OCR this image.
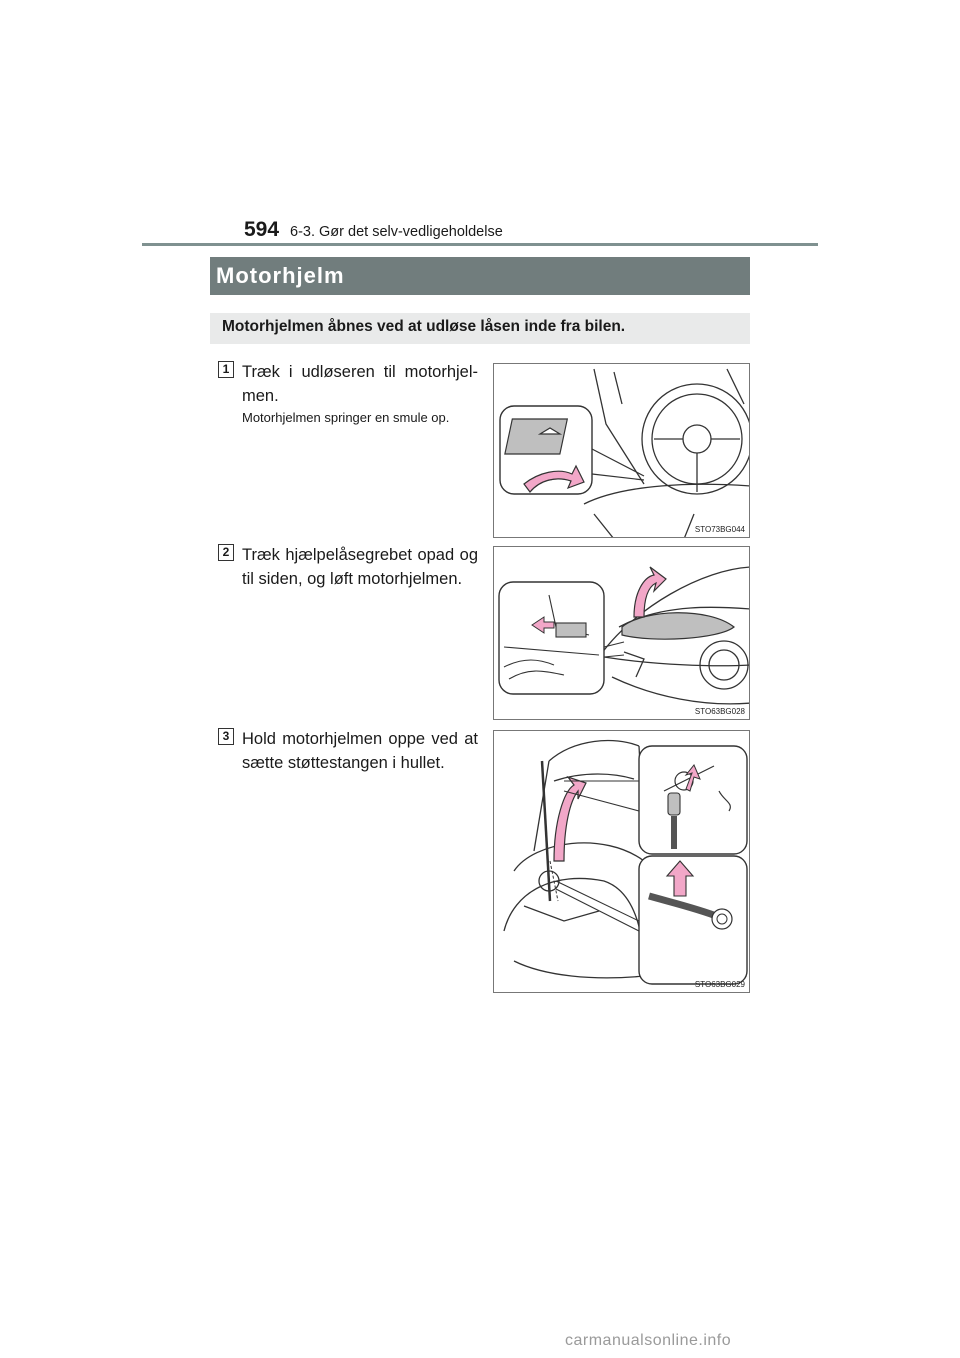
594 6-3. Gør det selv-vedligeholdelse
Motorhjelm
Motorhjelmen åbnes ved at udløse låsen inde fra bilen.
1 Træk i udløseren til motorhjel-men.
Motorhjelmen springer en smule op.
STO73BG044
2 Træk hjælpelåsegrebet opad og til siden, og løft motorhjelmen.
STO63BG028
3 Hold motorhjelmen oppe ved at sætte støttestangen i hullet.
STO63BG029
carmanualsonline.info
